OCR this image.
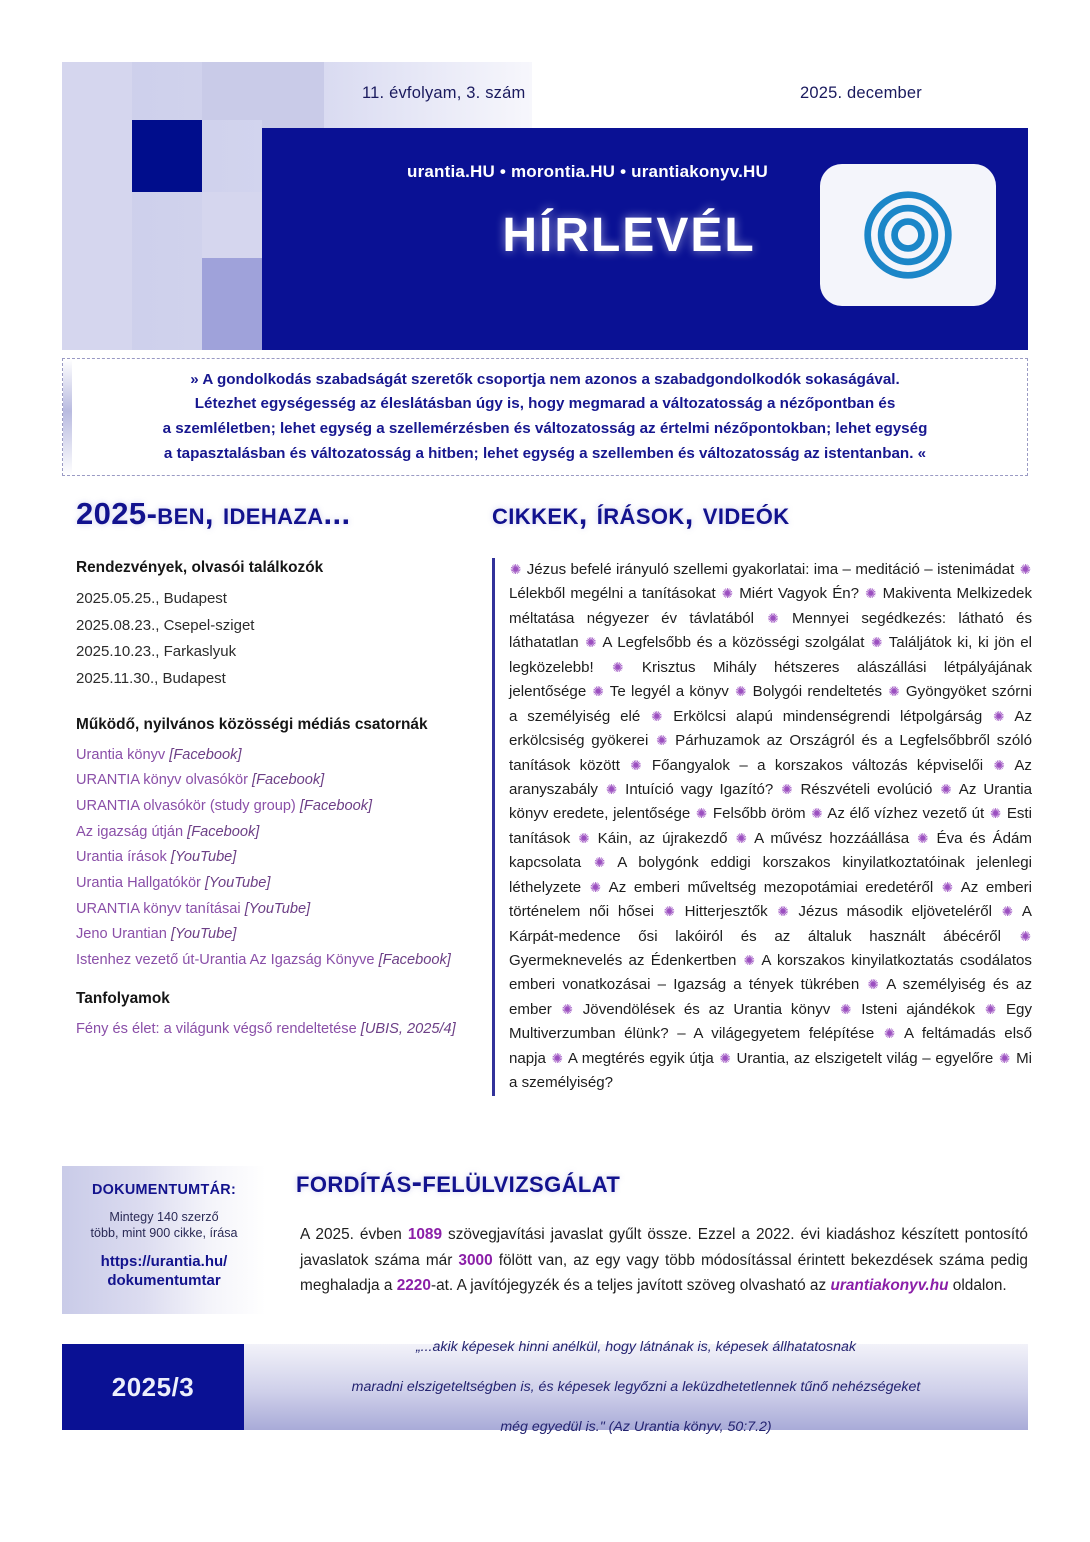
11. évfolyam, 3. szám	2025. december
urantia.HU • morontia.HU • urantiakonyv.HU
hírlevél
» A gondolkodás szabadságát szeretők csoportja nem azonos a szabadgondolkodók sokaságával.
Létezhet egységesség az éleslátásban úgy is, hogy megmarad a változatosság a nézőpontban és
a szemléletben; lehet egység a szellemérzésben és változatosság az értelmi nézőpontokban; lehet egység
a tapasztalásban és változatosság a hitben; lehet egység a szellemben és változatosság az istentanban. «
2025-ben, idehaza...
Rendezvények, olvasói találkozók
2025.05.25., Budapest
2025.08.23., Csepel-sziget
2025.10.23., Farkaslyuk
2025.11.30., Budapest
Működő, nyilvános közösségi médiás csatornák
Urantia könyv [Facebook]
URANTIA könyv olvasókör [Facebook]
URANTIA olvasókör (study group) [Facebook]
Az igazság útján [Facebook]
Urantia írások [YouTube]
Urantia Hallgatókör [YouTube]
URANTIA könyv tanításai [YouTube]
Jeno Urantian [YouTube]
Istenhez vezető út-Urantia Az Igazság Könyve [Facebook]
Tanfolyamok
Fény és élet: a világunk végső rendeltetése [UBIS, 2025/4]
cikkek, írások, videók
✺ Jézus befelé irányuló szellemi gyakorlatai: ima – meditáció – istenimádat ✺ Lélekből megélni a tanításokat ✺ Miért Vagyok Én? ✺ Makiventa Melkizedek méltatása négyezer év távlatából ✺ Mennyei segédkezés: látható és láthatatlan ✺ A Legfelsőbb és a közösségi szolgálat ✺ Találjátok ki, ki jön el legközelebb! ✺ Krisztus Mihály hétszeres alászállási létpályájának jelentősége ✺ Te legyél a könyv ✺ Bolygói rendeltetés ✺ Gyöngyöket szórni a személyiség elé ✺ Erkölcsi alapú mindenségrendi létpolgárság ✺ Az erkölcsiség gyökerei ✺ Párhuzamok az Országról és a Legfelsőbbről szóló tanítások között ✺ Főangyalok – a korszakos változás képviselői ✺ Az aranyszabály ✺ Intuíció vagy Igazító? ✺ Részvételi evolúció ✺ Az Urantia könyv eredete, jelentősége ✺ Felsőbb öröm ✺ Az élő vízhez vezető út ✺ Esti tanítások ✺ Káin, az újrakezdő ✺ A művész hozzáállása ✺ Éva és Ádám kapcsolata ✺ A bolygónk eddigi korszakos kinyilatkoztatóinak jelenlegi léthelyzete ✺ Az emberi műveltség mezopotámiai eredetéről ✺ Az emberi történelem női hősei ✺ Hitterjesztők ✺ Jézus második eljöveteléről ✺ A Kárpát-medence ősi lakóiról és az általuk használt ábécéről ✺ Gyermeknevelés az Édenkertben ✺ A korszakos kinyilatkoztatás csodálatos emberi vonatkozásai – Igazság a tények tükrében ✺ A személyiség és az ember ✺ Jövendölések és az Urantia könyv ✺ Isteni ajándékok ✺ Egy Multiverzumban élünk? – A világegyetem felépítése ✺ A feltámadás első napja ✺ A megtérés egyik útja ✺ Urantia, az elszigetelt világ – egyelőre ✺ Mi a személyiség?
DOKUMENTUMTÁR:
Mintegy 140 szerző
több, mint 900 cikke, írása
https://urantia.hu/
dokumentumtar
fordítás-felülvizsgálat
A 2025. évben 1089 szövegjavítási javaslat gyűlt össze. Ezzel a 2022. évi kiadáshoz készített pontosító javaslatok száma már 3000 fölött van, az egy vagy több módosítással érintett bekezdések száma pedig meghaladja a 2220-at. A javítójegyzék és a teljes javított szöveg olvasható az urantiakonyv.hu oldalon.
2025/3
„...akik képesek hinni anélkül, hogy látnának is, képesek állhatatosnak

maradni elszigeteltségben is, és képesek legyőzni a leküzdhetetlennek tűnő nehézségeket

még egyedül is." (Az Urantia könyv, 50:7.2)
